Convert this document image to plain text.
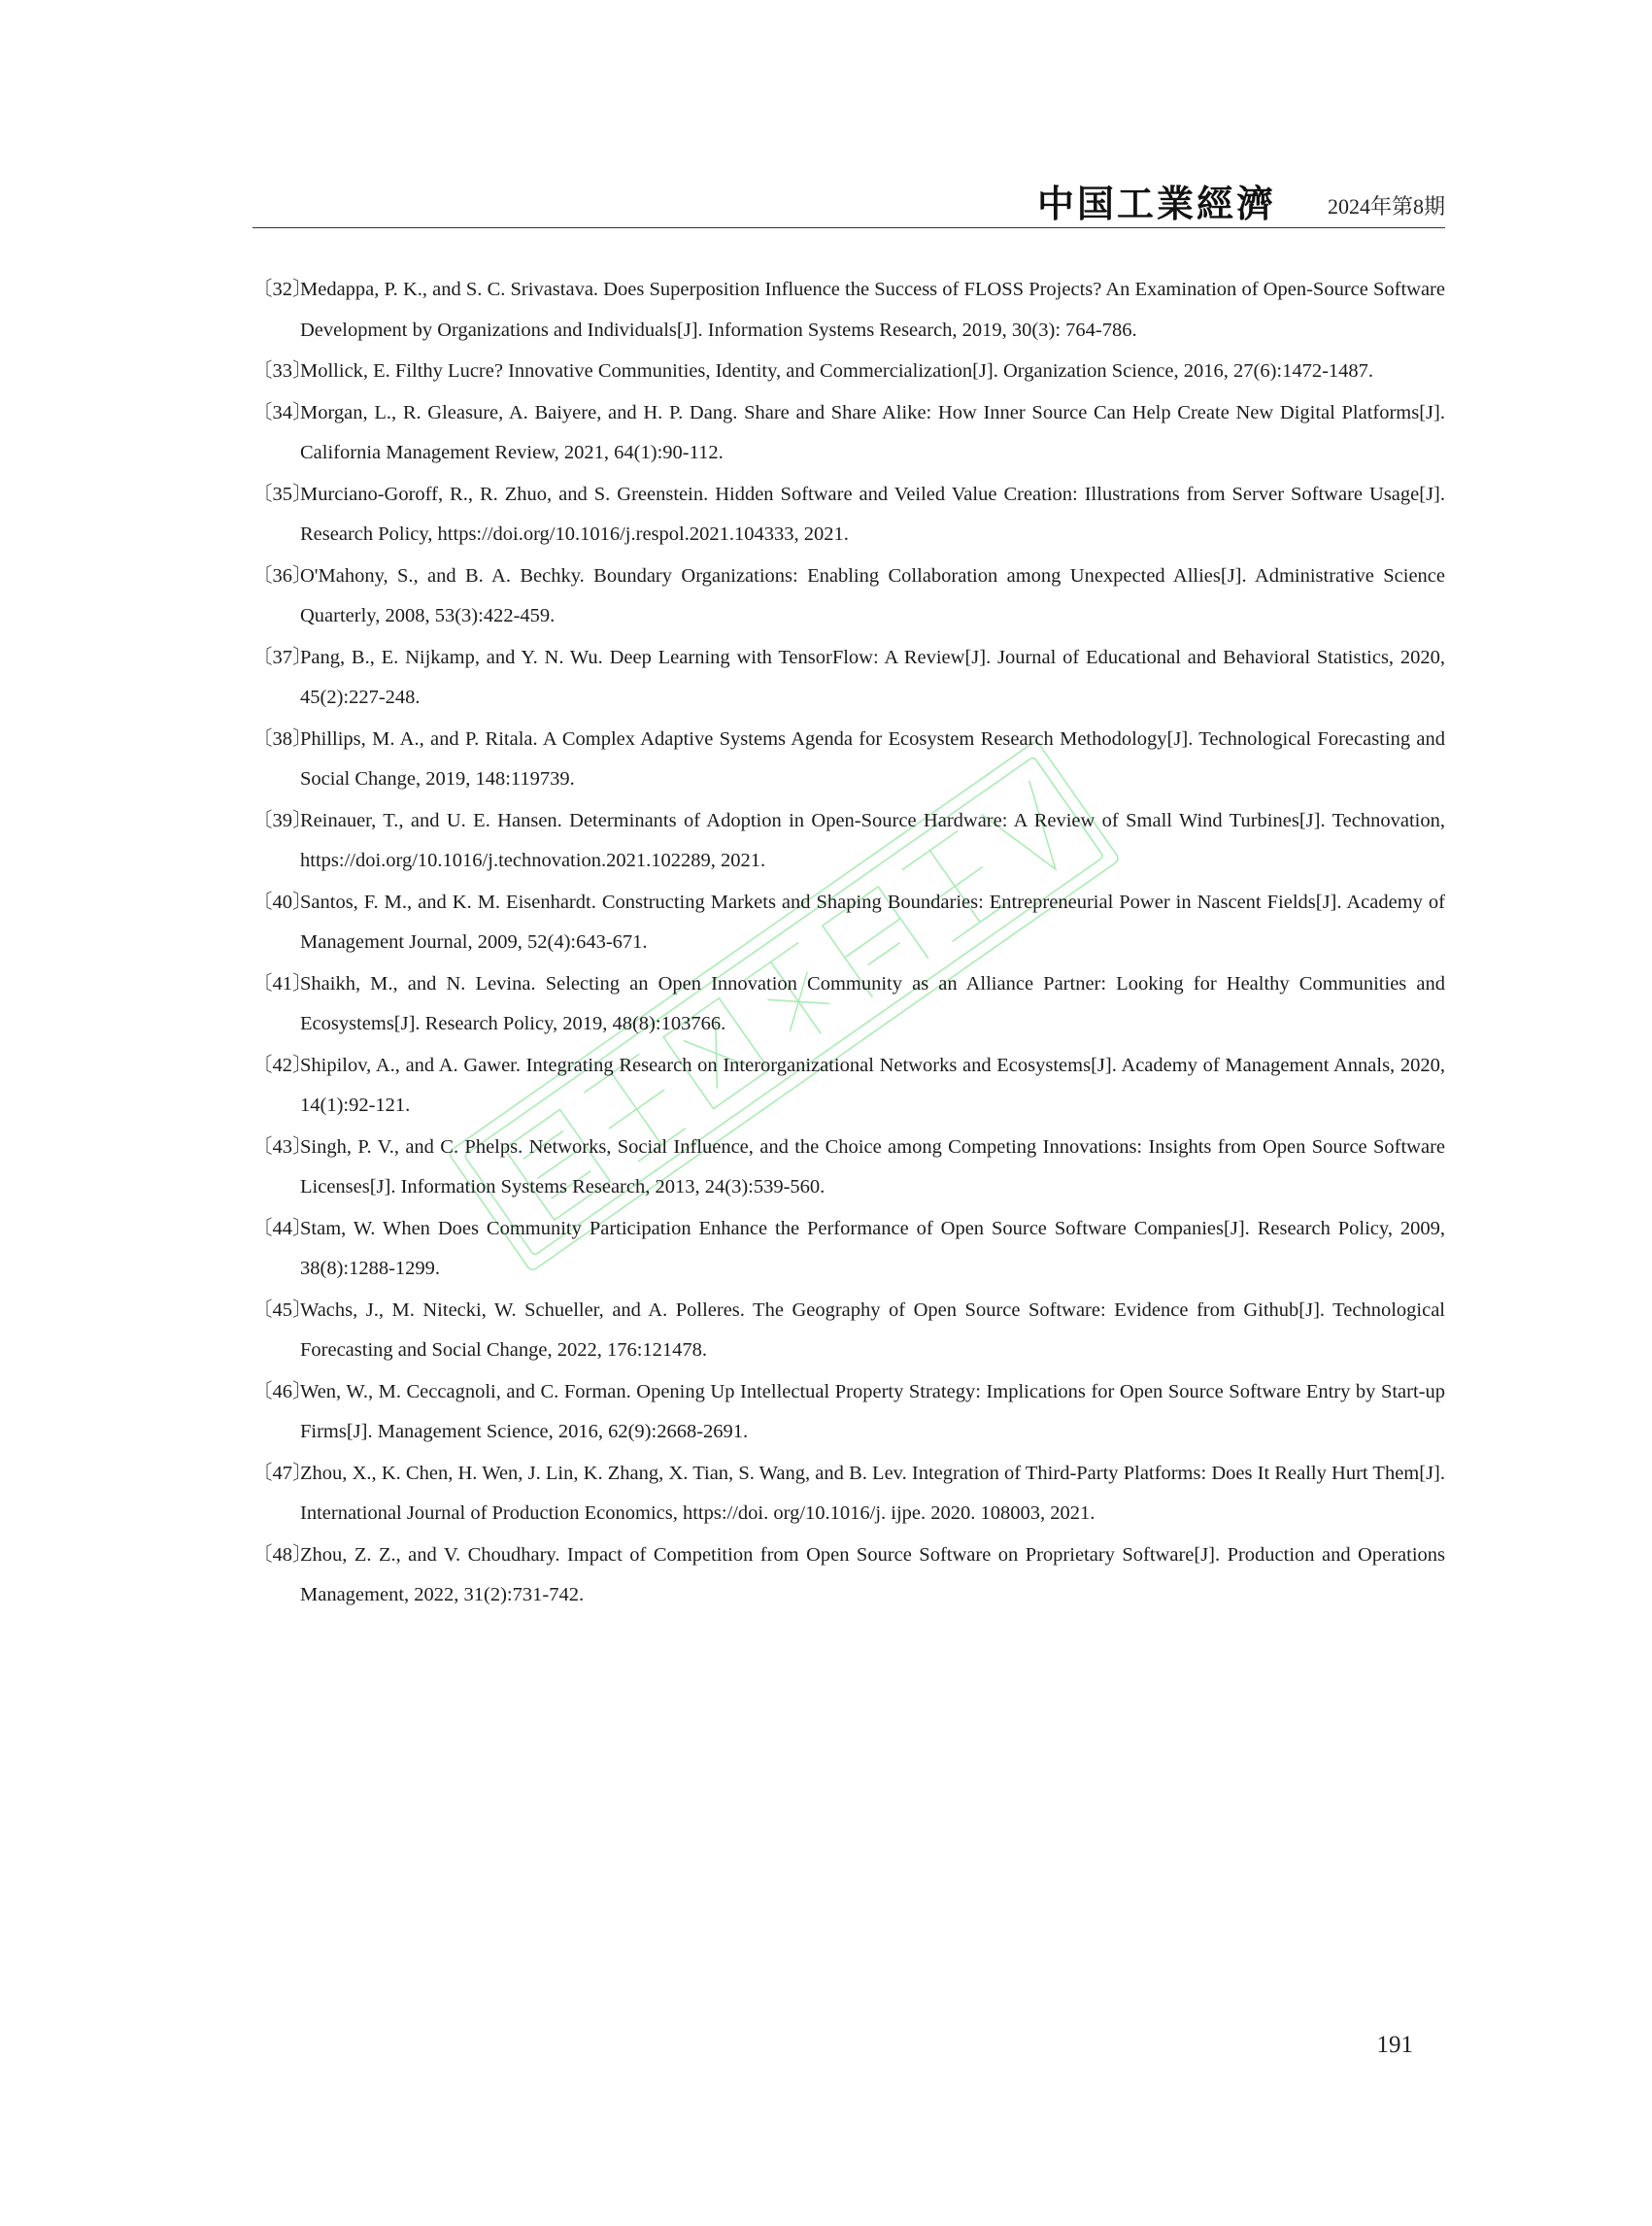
中国工業經濟 2024年第8期
〔32〕
Medappa, P. K., and S. C. Srivastava. Does Superposition Influence the Success of FLOSS Projects? An Examination of Open-Source Software Development by Organizations and Individuals[J]. Information Systems Research, 2019, 30(3): 764-786.
〔33〕
Mollick, E. Filthy Lucre? Innovative Communities, Identity, and Commercialization[J]. Organization Science, 2016, 27(6):1472-1487.
〔34〕
Morgan, L., R. Gleasure, A. Baiyere, and H. P. Dang. Share and Share Alike: How Inner Source Can Help Create New Digital Platforms[J]. California Management Review, 2021, 64(1):90-112.
〔35〕
Murciano-Goroff, R., R. Zhuo, and S. Greenstein. Hidden Software and Veiled Value Creation: Illustrations from Server Software Usage[J]. Research Policy, https://doi.org/10.1016/j.respol.2021.104333, 2021.
〔36〕
O'Mahony, S., and B. A. Bechky. Boundary Organizations: Enabling Collaboration among Unexpected Allies[J]. Administrative Science Quarterly, 2008, 53(3):422-459.
〔37〕
Pang, B., E. Nijkamp, and Y. N. Wu. Deep Learning with TensorFlow: A Review[J]. Journal of Educational and Behavioral Statistics, 2020, 45(2):227-248.
〔38〕
Phillips, M. A., and P. Ritala. A Complex Adaptive Systems Agenda for Ecosystem Research Methodology[J]. Technological Forecasting and Social Change, 2019, 148:119739.
〔39〕
Reinauer, T., and U. E. Hansen. Determinants of Adoption in Open-Source Hardware: A Review of Small Wind Turbines[J]. Technovation, https://doi.org/10.1016/j.technovation.2021.102289, 2021.
〔40〕
Santos, F. M., and K. M. Eisenhardt. Constructing Markets and Shaping Boundaries: Entrepreneurial Power in Nascent Fields[J]. Academy of Management Journal, 2009, 52(4):643-671.
〔41〕
Shaikh, M., and N. Levina. Selecting an Open Innovation Community as an Alliance Partner: Looking for Healthy Communities and Ecosystems[J]. Research Policy, 2019, 48(8):103766.
〔42〕
Shipilov, A., and A. Gawer. Integrating Research on Interorganizational Networks and Ecosystems[J]. Academy of Management Annals, 2020, 14(1):92-121.
〔43〕
Singh, P. V., and C. Phelps. Networks, Social Influence, and the Choice among Competing Innovations: Insights from Open Source Software Licenses[J]. Information Systems Research, 2013, 24(3):539-560.
〔44〕
Stam, W. When Does Community Participation Enhance the Performance of Open Source Software Companies[J]. Research Policy, 2009, 38(8):1288-1299.
〔45〕
Wachs, J., M. Nitecki, W. Schueller, and A. Polleres. The Geography of Open Source Software: Evidence from Github[J]. Technological Forecasting and Social Change, 2022, 176:121478.
〔46〕
Wen, W., M. Ceccagnoli, and C. Forman. Opening Up Intellectual Property Strategy: Implications for Open Source Software Entry by Start-up Firms[J]. Management Science, 2016, 62(9):2668-2691.
〔47〕
Zhou, X., K. Chen, H. Wen, J. Lin, K. Zhang, X. Tian, S. Wang, and B. Lev. Integration of Third-Party Platforms: Does It Really Hurt Them[J]. International Journal of Production Economics, https://doi. org/10.1016/j. ijpe. 2020. 108003, 2021.
〔48〕
Zhou, Z. Z., and V. Choudhary. Impact of Competition from Open Source Software on Proprietary Software[J]. Production and Operations Management, 2022, 31(2):731-742.
191
